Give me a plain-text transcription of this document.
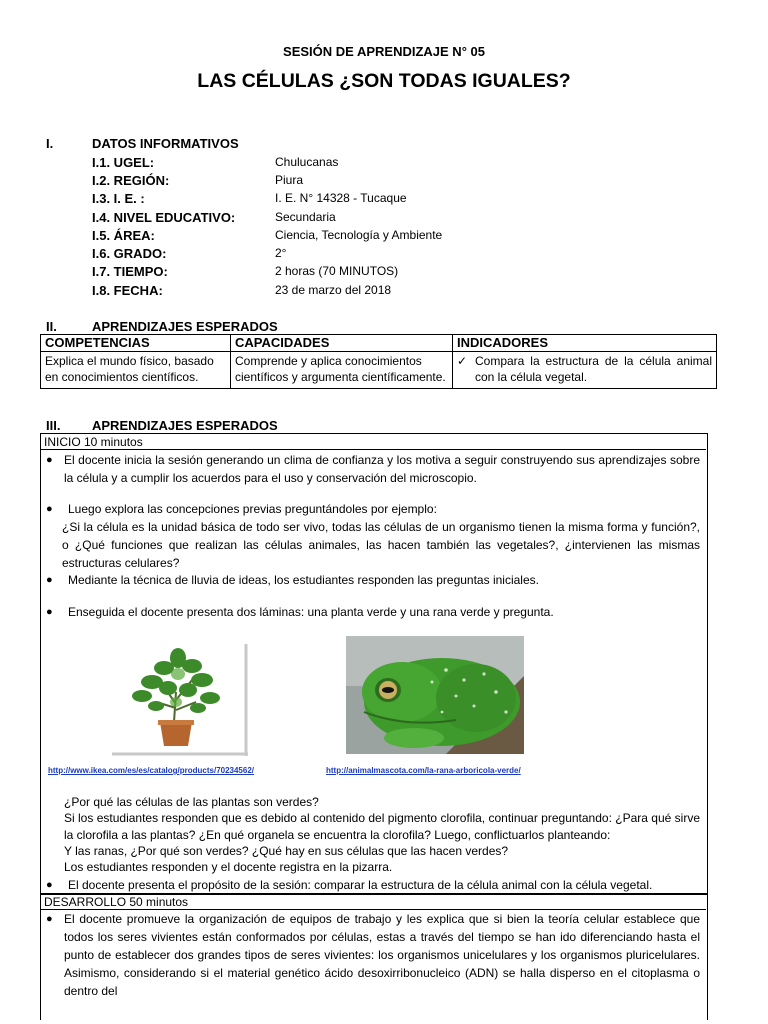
SESIÓN DE APRENDIZAJE N° 05
LAS CÉLULAS ¿SON TODAS IGUALES?
I.	DATOS INFORMATIVOS
I.1. UGEL:	Chulucanas
I.2. REGIÓN:	Piura
I.3. I. E. :	I. E. N° 14328 - Tucaque
I.4. NIVEL EDUCATIVO:	Secundaria
I.5. ÁREA:	Ciencia, Tecnología y Ambiente
I.6. GRADO:	2°
I.7. TIEMPO:	2 horas (70 MINUTOS)
I.8. FECHA:	23 de marzo del 2018
II.	APRENDIZAJES ESPERADOS
COMPETENCIAS	CAPACIDADES	INDICADORES
Explica el mundo físico, basado en conocimientos científicos.	Comprende y aplica conocimientos científicos y argumenta científicamente.	✓ Compara la estructura de la célula animal con la célula vegetal.
III. APRENDIZAJES ESPERADOS
INICIO 10 minutos
● El docente inicia la sesión generando un clima de confianza y los motiva a seguir construyendo sus aprendizajes sobre la célula y a cumplir los acuerdos para el uso y conservación del microscopio.
● Luego explora las concepciones previas preguntándoles por ejemplo:
¿Si la célula es la unidad básica de todo ser vivo, todas las células de un organismo tienen la misma forma y función?, o ¿Qué funciones que realizan las células animales, las hacen también las vegetales?, ¿intervienen las mismas estructuras celulares?
● Mediante la técnica de lluvia de ideas, los estudiantes responden las preguntas iniciales.
● Enseguida el docente presenta dos láminas: una planta verde y una rana verde y pregunta.
http://www.ikea.com/es/es/catalog/products/70234562/	http://animalmascota.com/la-rana-arboricola-verde/
¿Por qué las células de las plantas son verdes?
Si los estudiantes responden que es debido al contenido del pigmento clorofila, continuar preguntando: ¿Para qué sirve la clorofila a las plantas? ¿En qué organela se encuentra la clorofila? Luego, conflictuarlos planteando:
Y las ranas, ¿Por qué son verdes? ¿Qué hay en sus células que las hacen verdes?
Los estudiantes responden y el docente registra en la pizarra.
● El docente presenta el propósito de la sesión: comparar la estructura de la célula animal con la célula vegetal.
DESARROLLO 50 minutos
● El docente promueve la organización de equipos de trabajo y les explica que si bien la teoría celular establece que todos los seres vivientes están conformados por células, estas a través del tiempo se han ido diferenciando hasta el punto de establecer dos grandes tipos de seres vivientes: los organismos unicelulares y los organismos pluricelulares. Asimismo, considerando si el material genético ácido desoxirribonucleico (ADN) se halla disperso en el citoplasma o dentro del
